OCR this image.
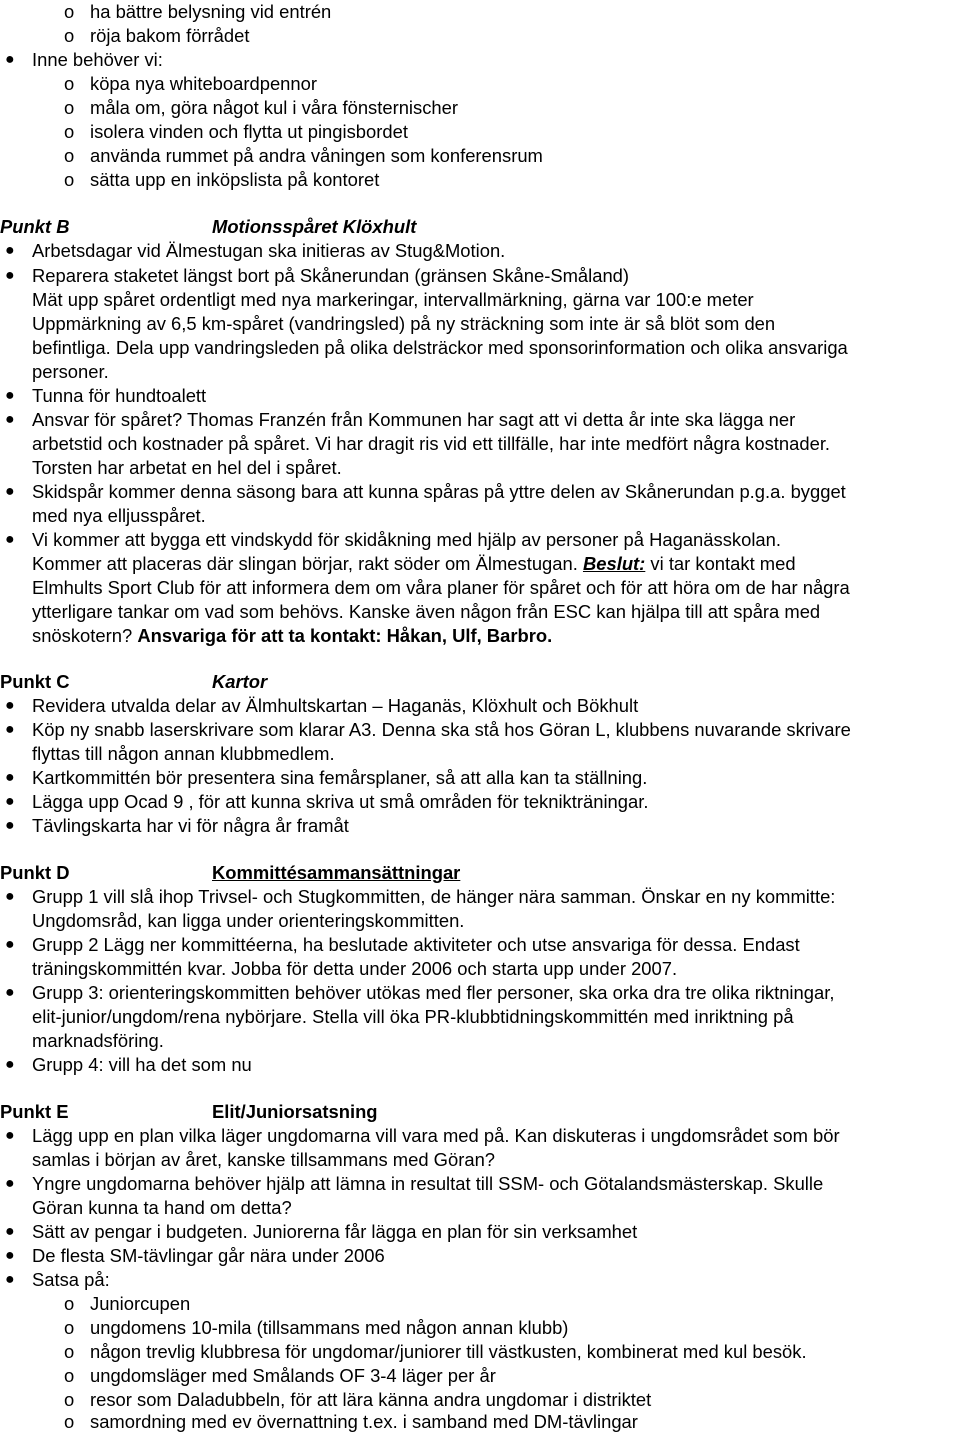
o ha bättre belysning vid entrén
o röja bakom förrådet
● Inne behöver vi:
o köpa nya whiteboardpennor
o måla om, göra något kul i våra fönsternischer
o isolera vinden och flytta ut pingisbordet
o använda rummet på andra våningen som konferensrum
o sätta upp en inköpslista på kontoret
Punkt B	Motionsspåret Klöxhult
● Arbetsdagar vid Älmestugan ska initieras av Stug&Motion.
● Reparera staketet längst bort på Skånerundan (gränsen Skåne-Småland)
Mät upp spåret ordentligt med nya markeringar, intervallmärkning, gärna var 100:e meter
Uppmärkning av 6,5 km-spåret (vandringsled) på ny sträckning som inte är så blöt som den
befintliga. Dela upp vandringsleden på olika delsträckor med sponsorinformation och olika ansvariga
personer.
● Tunna för hundtoalett
● Ansvar för spåret? Thomas Franzén från Kommunen har sagt att vi detta år inte ska lägga ner
arbetstid och kostnader på spåret. Vi har dragit ris vid ett tillfälle, har inte medfört några kostnader.
Torsten har arbetat en hel del i spåret.
● Skidspår kommer denna säsong bara att kunna spåras på yttre delen av Skånerundan p.g.a. bygget
med nya elljusspåret.
● Vi kommer att bygga ett vindskydd för skidåkning med hjälp av personer på Haganässkolan.
Kommer att placeras där slingan börjar, rakt söder om Älmestugan. Beslut: vi tar kontakt med
Elmhults Sport Club för att informera dem om våra planer för spåret och för att höra om de har några
ytterligare tankar om vad som behövs. Kanske även någon från ESC kan hjälpa till att spåra med
snöskotern? Ansvariga för att ta kontakt: Håkan, Ulf, Barbro.
Punkt C	Kartor
● Revidera utvalda delar av Älmhultskartan – Haganäs, Klöxhult och Bökhult
● Köp ny snabb laserskrivare som klarar A3. Denna ska stå hos Göran L, klubbens nuvarande skrivare
flyttas till någon annan klubbmedlem.
● Kartkommittén bör presentera sina femårsplaner, så att alla kan ta ställning.
● Lägga upp Ocad 9 , för att kunna skriva ut små områden för teknikträningar.
● Tävlingskarta har vi för några år framåt
Punkt D	Kommittésammansättningar
● Grupp 1 vill slå ihop Trivsel- och Stugkommitten, de hänger nära samman. Önskar en ny kommitte:
Ungdomsråd, kan ligga under orienteringskommitten.
● Grupp 2 Lägg ner kommittéerna, ha beslutade aktiviteter och utse ansvariga för dessa. Endast
träningskommittén kvar. Jobba för detta under 2006 och starta upp under 2007.
● Grupp 3: orienteringskommitten behöver utökas med fler personer, ska orka dra tre olika riktningar,
elit-junior/ungdom/rena nybörjare. Stella vill öka PR-klubbtidningskommittén med inriktning på
marknadsföring.
● Grupp 4: vill ha det som nu
Punkt E	Elit/Juniorsatsning
● Lägg upp en plan vilka läger ungdomarna vill vara med på. Kan diskuteras i ungdomsrådet som bör
samlas i början av året, kanske tillsammans med Göran?
● Yngre ungdomarna behöver hjälp att lämna in resultat till SSM- och Götalandsmästerskap. Skulle
Göran kunna ta hand om detta?
● Sätt av pengar i budgeten. Juniorerna får lägga en plan för sin verksamhet
● De flesta SM-tävlingar går nära under 2006
● Satsa på:
o Juniorcupen
o ungdomens 10-mila (tillsammans med någon annan klubb)
o någon trevlig klubbresa för ungdomar/juniorer till västkusten, kombinerat med kul besök.
o ungdomsläger med Smålands OF 3-4 läger per år
o resor som Daladubbeln, för att lära känna andra ungdomar i distriktet
o samordning med ev övernattning t.ex. i samband med DM-tävlingar
